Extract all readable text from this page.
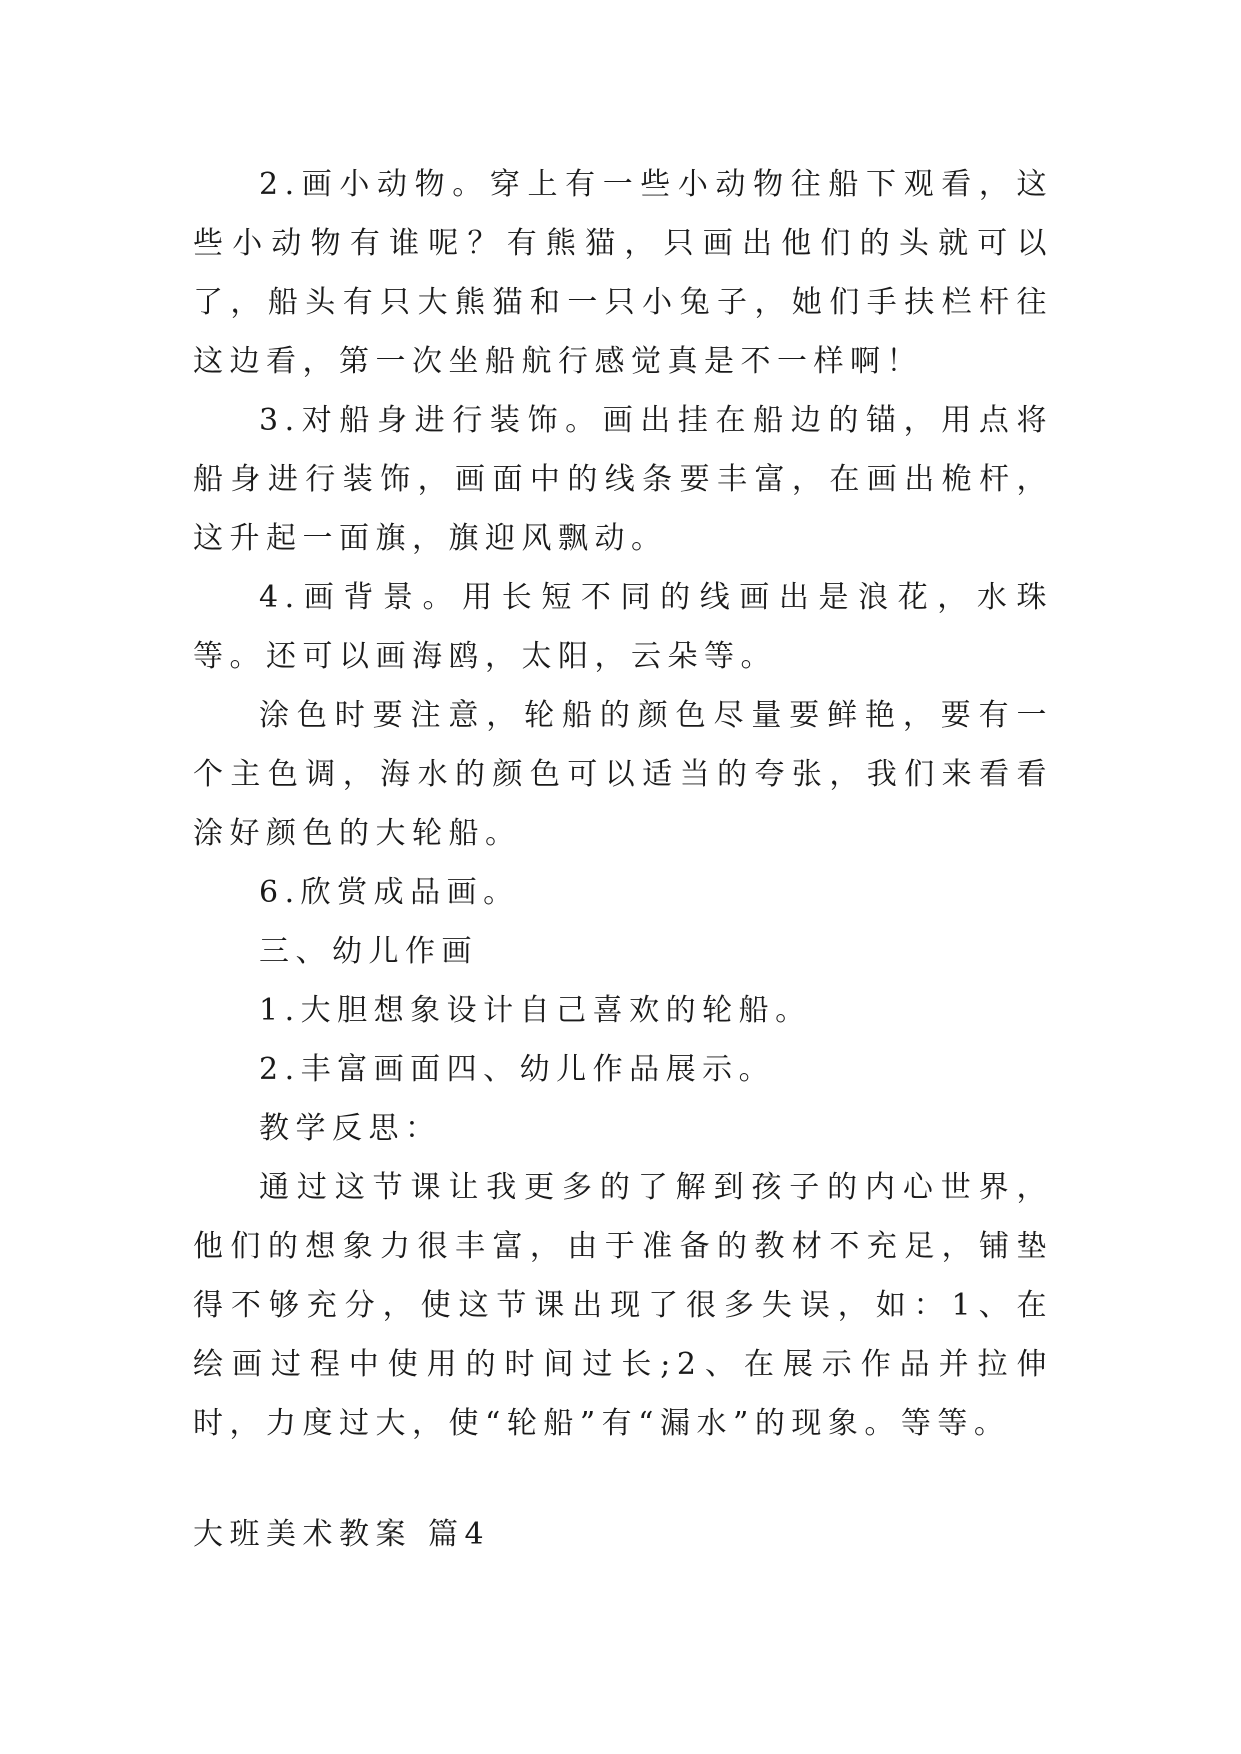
2.画小动物。穿上有一些小动物往船下观看，这些小动物有谁呢？有熊猫，只画出他们的头就可以了，船头有只大熊猫和一只小兔子，她们手扶栏杆往这边看，第一次坐船航行感觉真是不一样啊！

3.对船身进行装饰。画出挂在船边的锚，用点将船身进行装饰，画面中的线条要丰富，在画出桅杆，这升起一面旗，旗迎风飘动。

4.画背景。用长短不同的线画出是浪花，水珠等。还可以画海鸥，太阳，云朵等。

涂色时要注意，轮船的颜色尽量要鲜艳，要有一个主色调，海水的颜色可以适当的夸张，我们来看看涂好颜色的大轮船。

6.欣赏成品画。

三、幼儿作画

1.大胆想象设计自己喜欢的轮船。

2.丰富画面四、幼儿作品展示。

教学反思：

通过这节课让我更多的了解到孩子的内心世界，他们的想象力很丰富，由于准备的教材不充足，铺垫得不够充分，使这节课出现了很多失误，如：1、在绘画过程中使用的时间过长;2、在展示作品并拉伸时，力度过大，使“轮船”有“漏水”的现象。等等。

大班美术教案 篇4
